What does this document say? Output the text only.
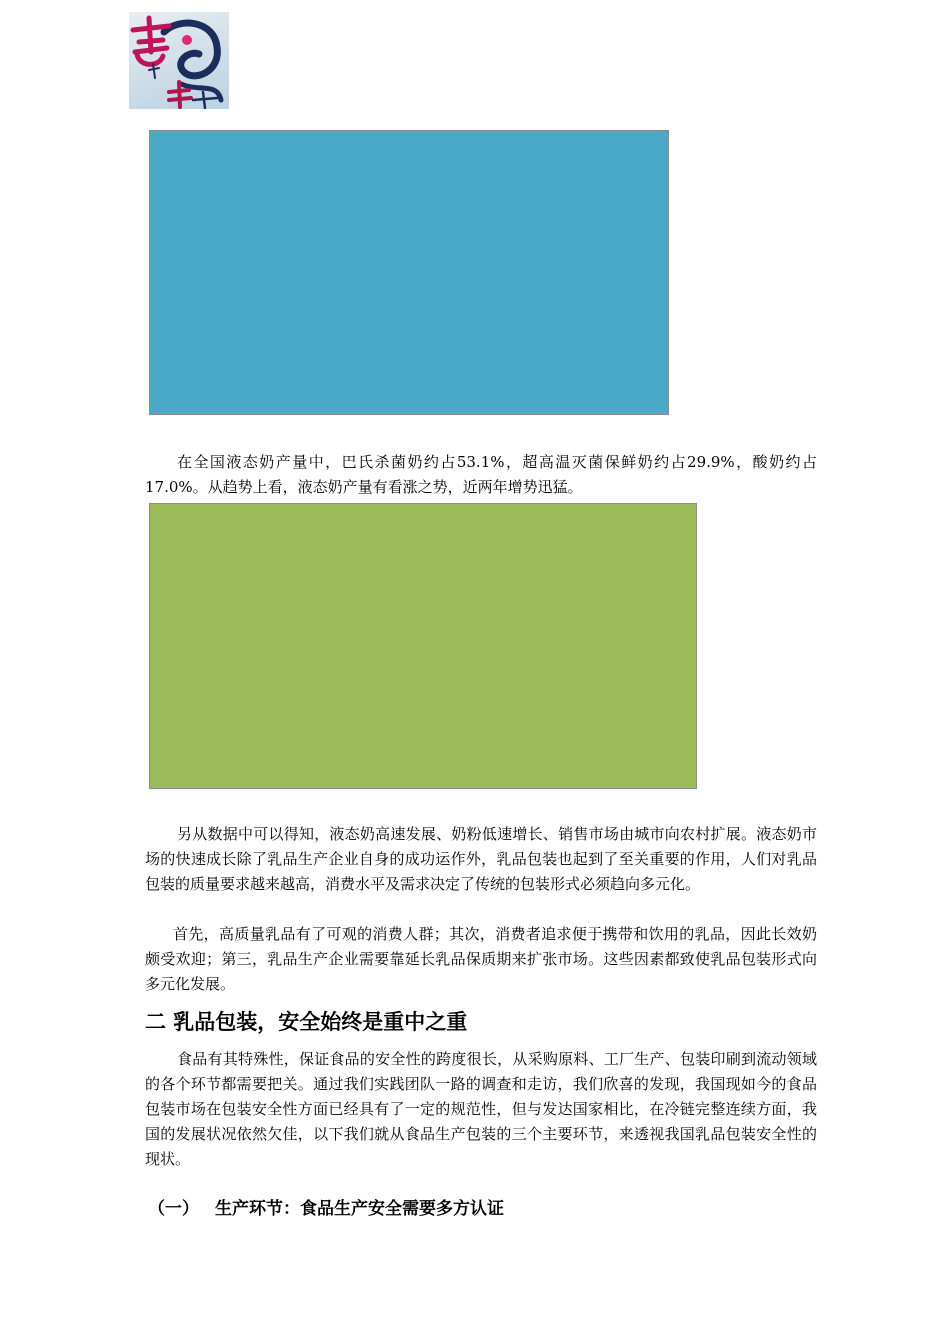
在全国液态奶产量中，巴氏杀菌奶约占53.1%，超高温灭菌保鲜奶约占29.9%，酸奶约占17.0%。从趋势上看，液态奶产量有看涨之势，近两年增势迅猛。

另从数据中可以得知，液态奶高速发展、奶粉低速增长、销售市场由城市向农村扩展。液态奶市场的快速成长除了乳品生产企业自身的成功运作外，乳品包装也起到了至关重要的作用，人们对乳品包装的质量要求越来越高，消费水平及需求决定了传统的包装形式必须趋向多元化。

首先，高质量乳品有了可观的消费人群；其次，消费者追求便于携带和饮用的乳品，因此长效奶颇受欢迎；第三，乳品生产企业需要靠延长乳品保质期来扩张市场。这些因素都致使乳品包装形式向多元化发展。

二 乳品包装，安全始终是重中之重

食品有其特殊性，保证食品的安全性的跨度很长，从采购原料、工厂生产、包装印刷到流动领域的各个环节都需要把关。通过我们实践团队一路的调查和走访，我们欣喜的发现，我国现如今的食品包装市场在包装安全性方面已经具有了一定的规范性，但与发达国家相比，在冷链完整连续方面，我国的发展状况依然欠佳，以下我们就从食品生产包装的三个主要环节，来透视我国乳品包装安全性的现状。

（一） 生产环节：食品生产安全需要多方认证
